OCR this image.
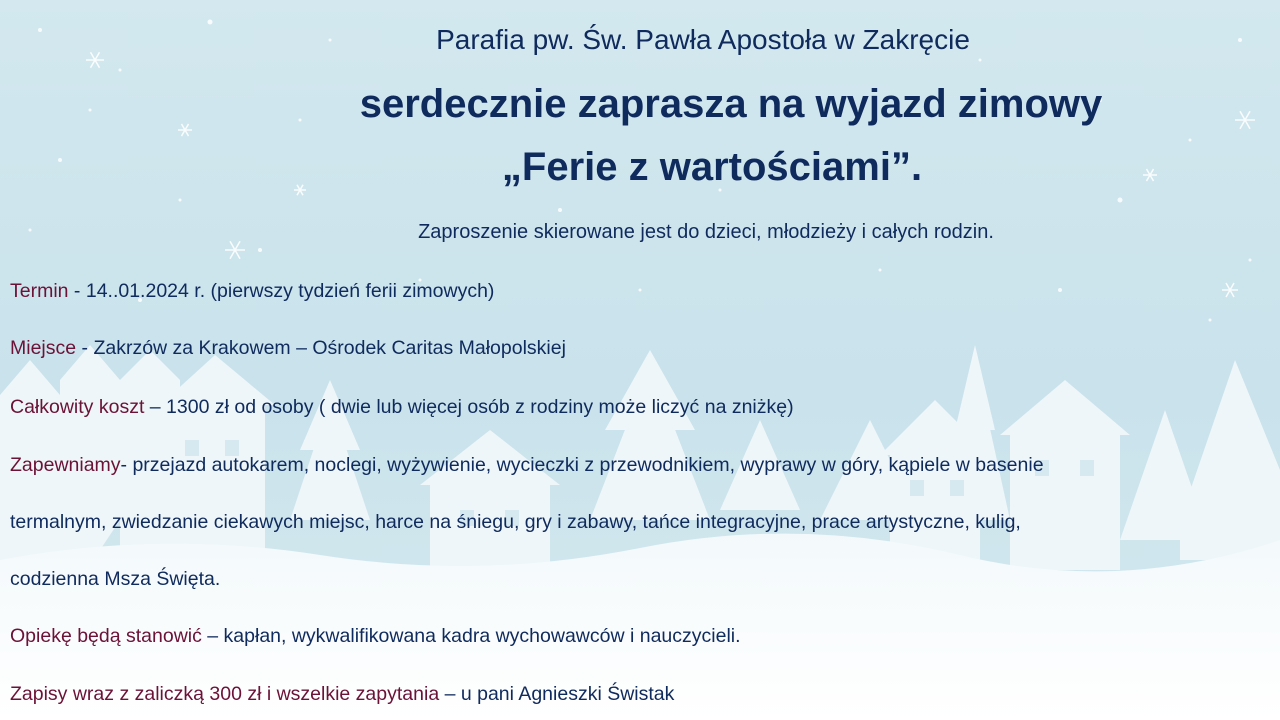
Parafia pw. Św. Pawła Apostoła w Zakręcie
serdecznie zaprasza na wyjazd zimowy
„Ferie z wartościami”.
Zaproszenie skierowane jest do dzieci, młodzieży i całych rodzin.
Termin - 14..01.2024 r. (pierwszy tydzień ferii zimowych)
Miejsce - Zakrzów za Krakowem – Ośrodek Caritas Małopolskiej
Całkowity koszt – 1300 zł od osoby ( dwie lub więcej osób z rodziny może liczyć na zniżkę)
Zapewniamy- przejazd autokarem, noclegi, wyżywienie, wycieczki z przewodnikiem, wyprawy w góry, kąpiele w basenie
termalnym, zwiedzanie ciekawych miejsc, harce na śniegu, gry i zabawy, tańce integracyjne, prace artystyczne, kulig,
codzienna Msza Święta.
Opiekę będą stanowić – kapłan, wykwalifikowana kadra wychowawców i nauczycieli.
Zapisy wraz z zaliczką 300 zł i wszelkie zapytania – u pani Agnieszki Świstak
